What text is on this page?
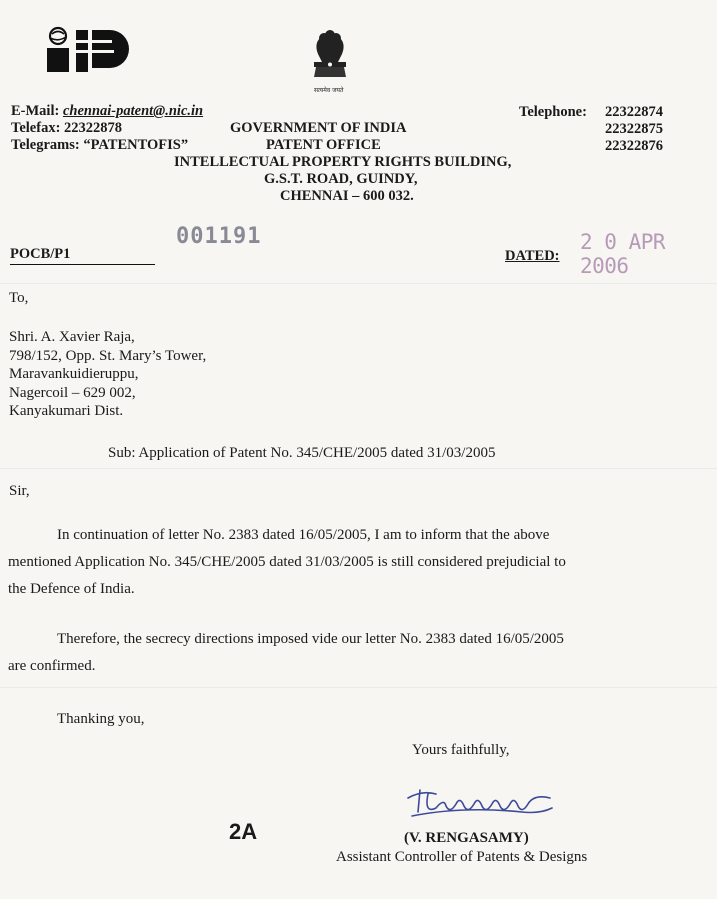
सत्यमेव जयते
E-Mail: chennai-patent@.nic.in
Telefax: 22322878
Telegrams: “PATENTOFIS”
GOVERNMENT OF INDIA
PATENT OFFICE
INTELLECTUAL PROPERTY RIGHTS BUILDING,
G.S.T. ROAD, GUINDY,
CHENNAI – 600 032.
Telephone: 22322874
22322875
22322876
POCB/P1
001191
DATED:
2 0 APR 2006
To,
Shri. A. Xavier Raja,
798/152, Opp. St. Mary’s Tower,
Maravankuidieruppu,
Nagercoil – 629 002,
Kanyakumari Dist.
Sub: Application of Patent No. 345/CHE/2005 dated 31/03/2005
Sir,
In continuation of letter No. 2383 dated 16/05/2005, I am to inform that the above
mentioned Application No. 345/CHE/2005 dated 31/03/2005 is still considered prejudicial to
the Defence of India.
Therefore, the secrecy directions imposed vide our letter No. 2383 dated 16/05/2005
are confirmed.
Thanking you,
Yours faithfully,
2A	(V. RENGASAMY)
Assistant Controller of Patents & Designs
